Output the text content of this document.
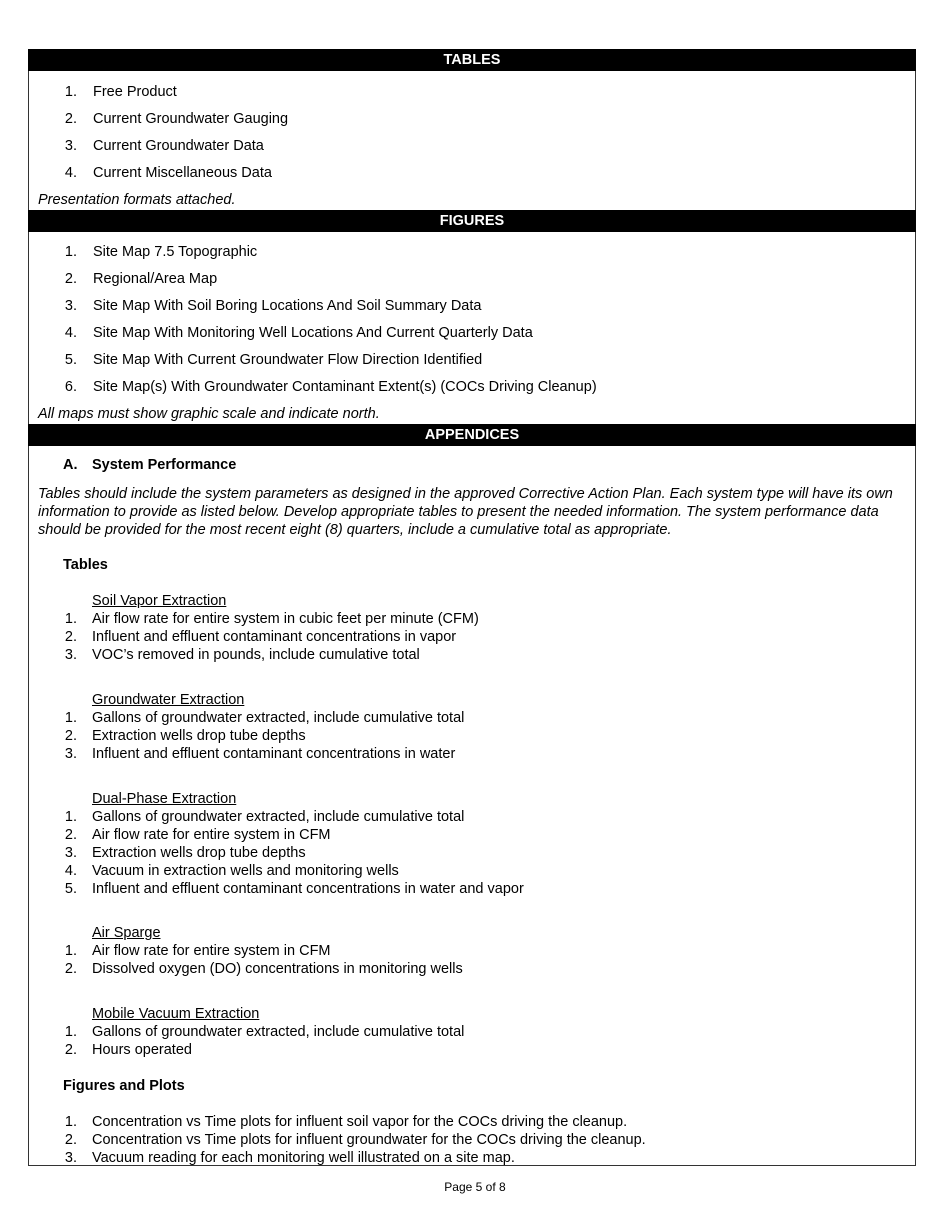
TABLES
1. Free Product
2. Current Groundwater Gauging
3. Current Groundwater Data
4. Current Miscellaneous Data
Presentation formats attached.
FIGURES
1. Site Map 7.5 Topographic
2. Regional/Area Map
3. Site Map With Soil Boring Locations And Soil Summary Data
4. Site Map With Monitoring Well Locations And Current Quarterly Data
5. Site Map With Current Groundwater Flow Direction Identified
6. Site Map(s) With Groundwater Contaminant Extent(s) (COCs Driving Cleanup)
All maps must show graphic scale and indicate north.
APPENDICES
A. System Performance
Tables should include the system parameters as designed in the approved Corrective Action Plan. Each system type will have its own information to provide as listed below. Develop appropriate tables to present the needed information. The system performance data should be provided for the most recent eight (8) quarters, include a cumulative total as appropriate.
Tables
Soil Vapor Extraction
1. Air flow rate for entire system in cubic feet per minute (CFM)
2. Influent and effluent contaminant concentrations in vapor
3. VOC’s removed in pounds, include cumulative total
Groundwater Extraction
1. Gallons of groundwater extracted, include cumulative total
2. Extraction wells drop tube depths
3. Influent and effluent contaminant concentrations in water
Dual-Phase Extraction
1. Gallons of groundwater extracted, include cumulative total
2. Air flow rate for entire system in CFM
3. Extraction wells drop tube depths
4. Vacuum in extraction wells and monitoring wells
5. Influent and effluent contaminant concentrations in water and vapor
Air Sparge
1. Air flow rate for entire system in CFM
2. Dissolved oxygen (DO) concentrations in monitoring wells
Mobile Vacuum Extraction
1. Gallons of groundwater extracted, include cumulative total
2. Hours operated
Figures and Plots
1. Concentration vs Time plots for influent soil vapor for the COCs driving the cleanup.
2. Concentration vs Time plots for influent groundwater for the COCs driving the cleanup.
3. Vacuum reading for each monitoring well illustrated on a site map.
Page 5 of 8
